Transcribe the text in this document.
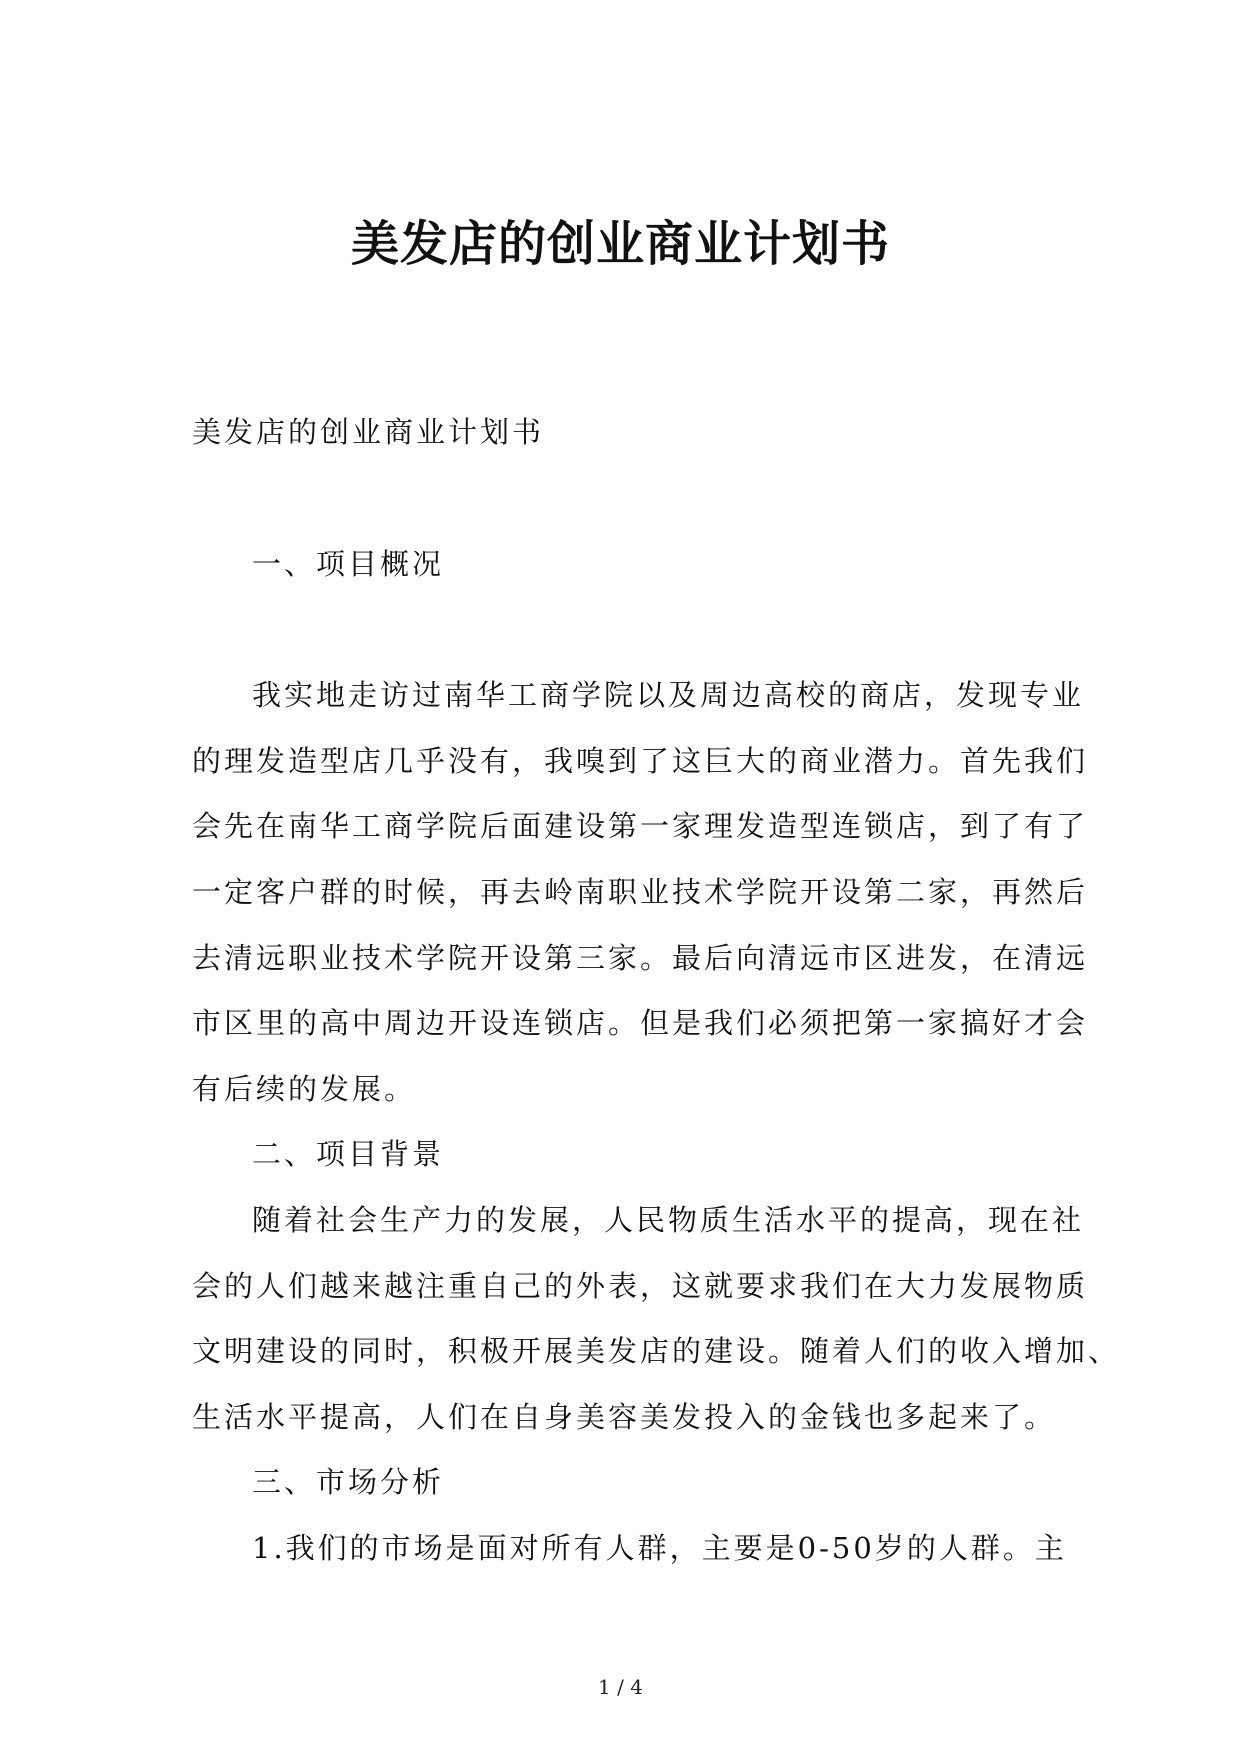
美发店的创业商业计划书

美发店的创业商业计划书

一、项目概况

我实地走访过南华工商学院以及周边高校的商店，发现专业
的理发造型店几乎没有，我嗅到了这巨大的商业潜力。首先我们
会先在南华工商学院后面建设第一家理发造型连锁店，到了有了
一定客户群的时候，再去岭南职业技术学院开设第二家，再然后
去清远职业技术学院开设第三家。最后向清远市区进发，在清远
市区里的高中周边开设连锁店。但是我们必须把第一家搞好才会
有后续的发展。

二、项目背景

随着社会生产力的发展，人民物质生活水平的提高，现在社
会的人们越来越注重自己的外表，这就要求我们在大力发展物质
文明建设的同时，积极开展美发店的建设。随着人们的收入增加、
生活水平提高，人们在自身美容美发投入的金钱也多起来了。

三、市场分析

1.我们的市场是面对所有人群，主要是0-50岁的人群。主
1 / 4
